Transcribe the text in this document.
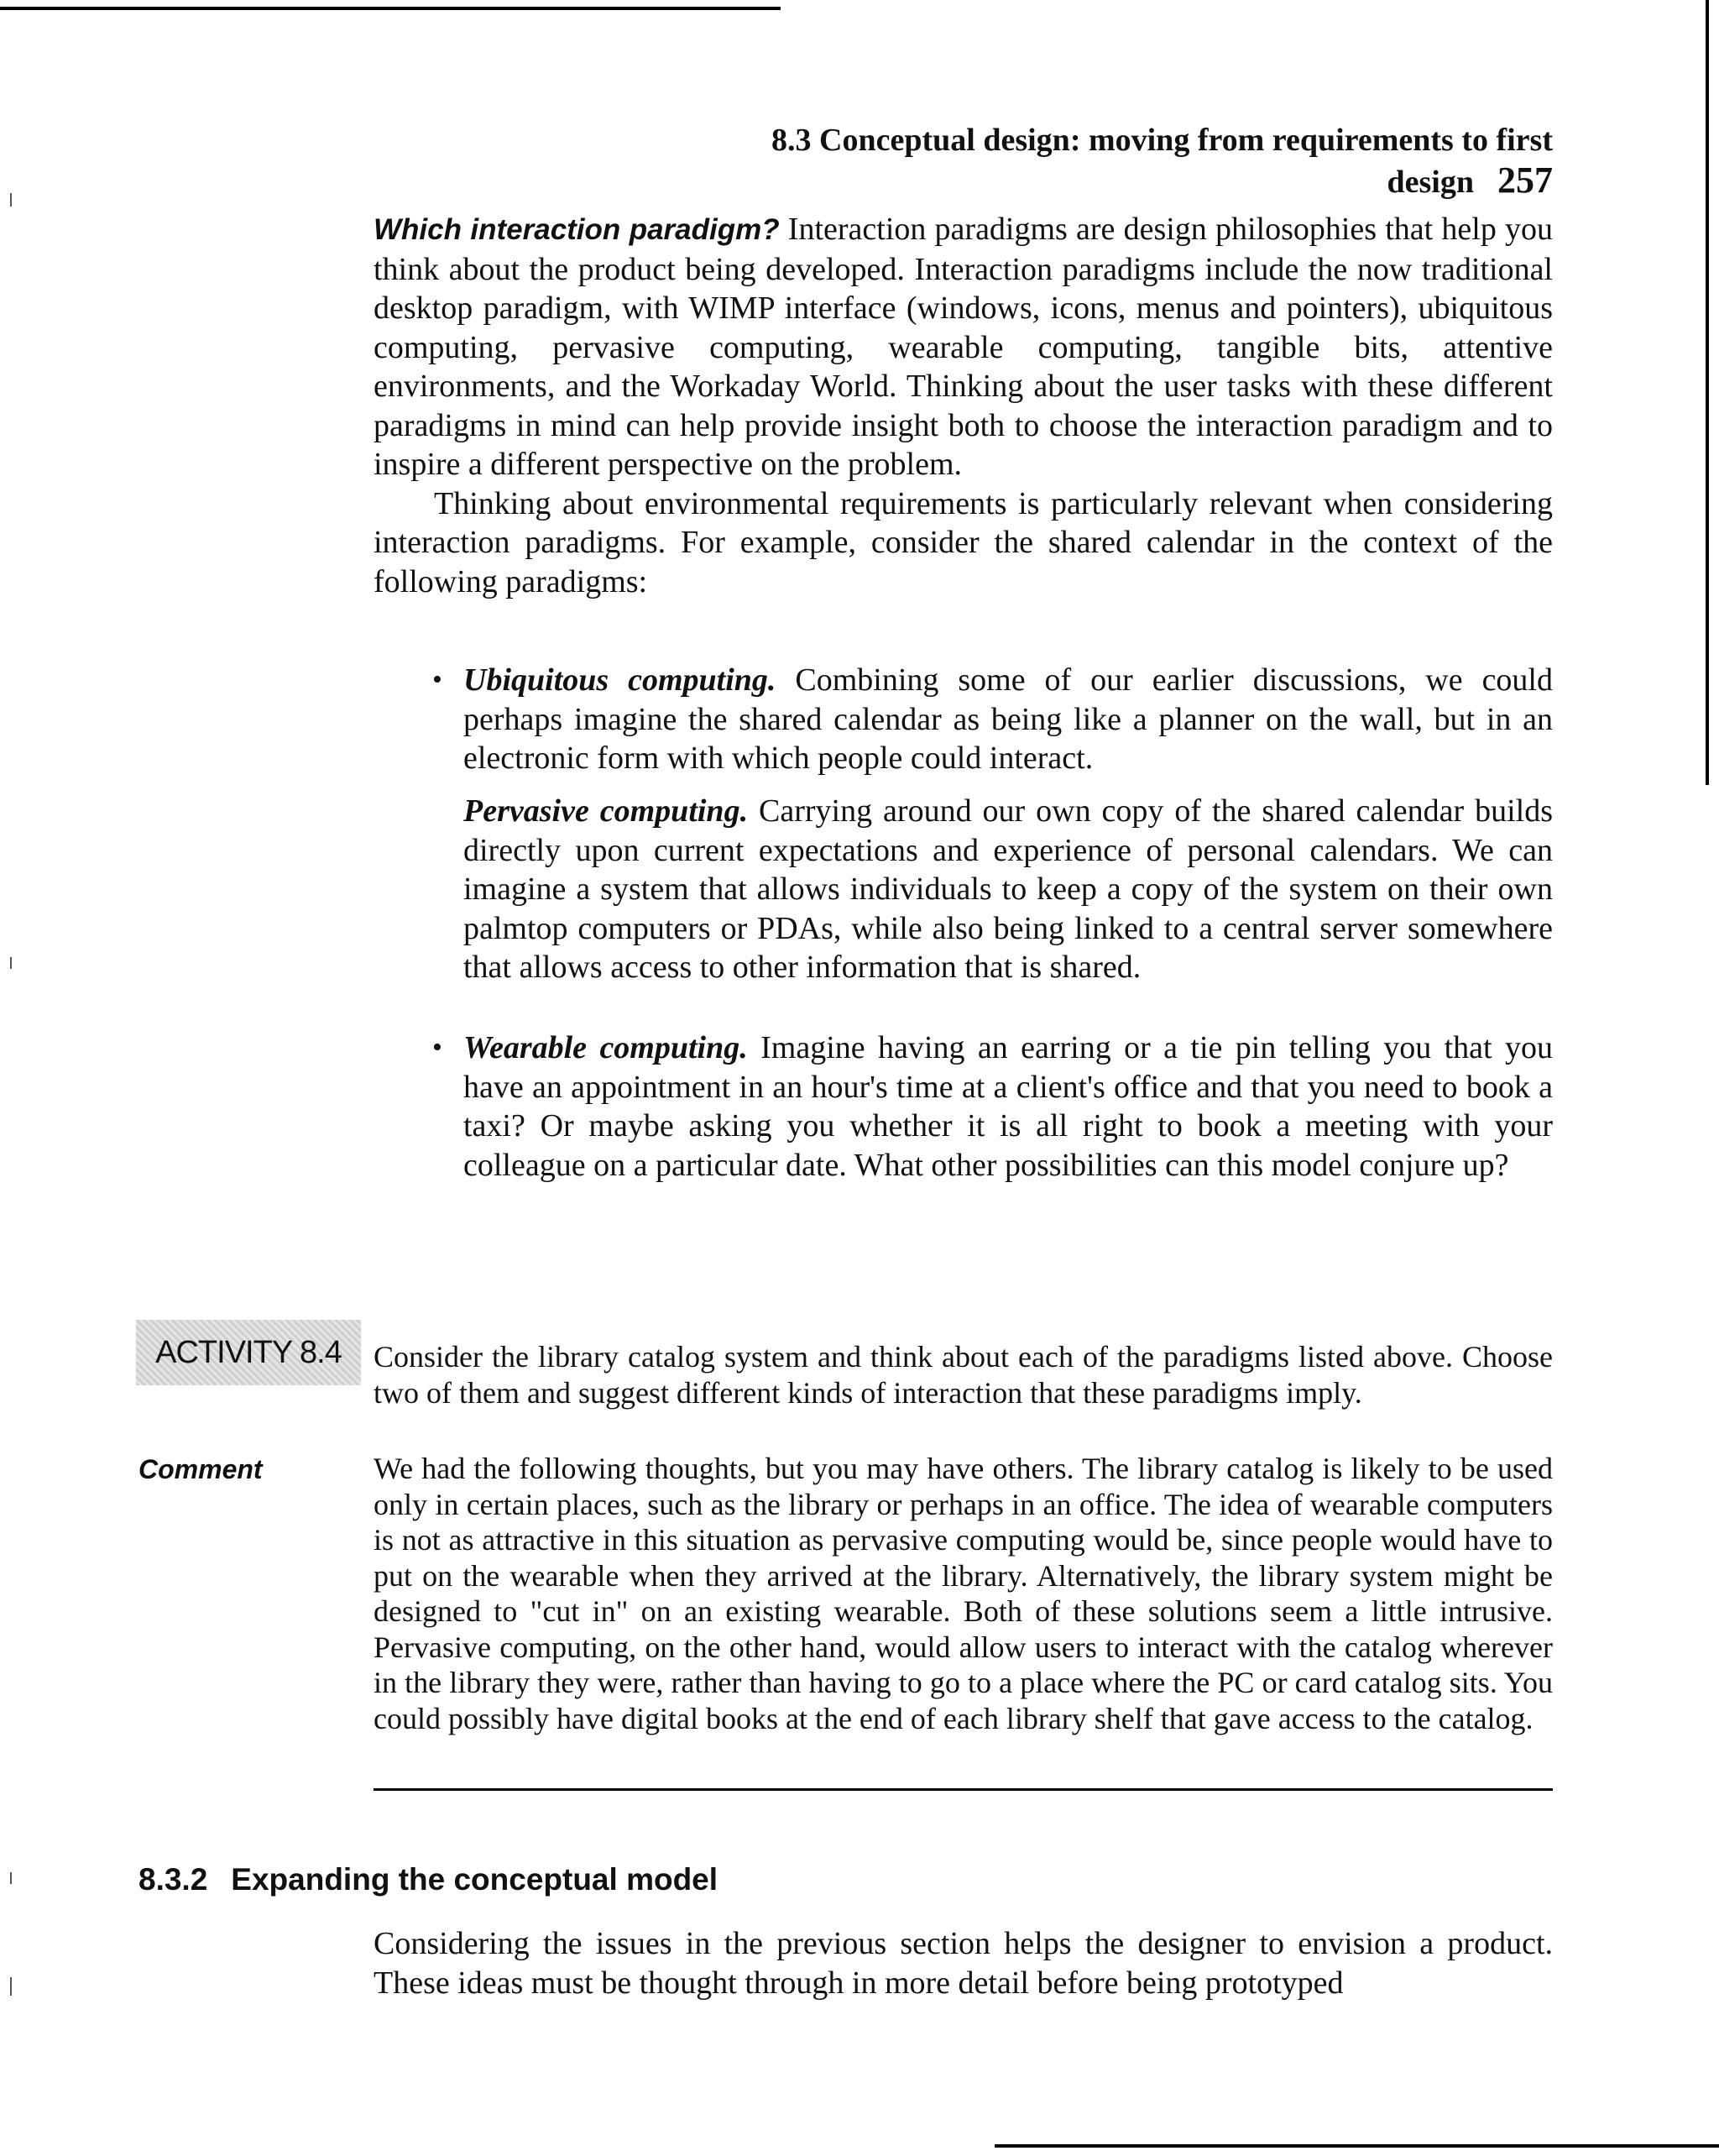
8.3 Conceptual design: moving from requirements to first design 257

Which interaction paradigm? Interaction paradigms are design philosophies that help you think about the product being developed. Interaction paradigms include the now traditional desktop paradigm, with WIMP interface (windows, icons, menus and pointers), ubiquitous computing, pervasive computing, wearable computing, tangible bits, attentive environments, and the Workaday World. Thinking about the user tasks with these different paradigms in mind can help provide insight both to choose the interaction paradigm and to inspire a different perspective on the problem.

Thinking about environmental requirements is particularly relevant when considering interaction paradigms. For example, consider the shared calendar in the context of the following paradigms:

• Ubiquitous computing. Combining some of our earlier discussions, we could perhaps imagine the shared calendar as being like a planner on the wall, but in an electronic form with which people could interact.
Pervasive computing. Carrying around our own copy of the shared calendar builds directly upon current expectations and experience of personal calendars. We can imagine a system that allows individuals to keep a copy of the system on their own palmtop computers or PDAs, while also being linked to a central server somewhere that allows access to other information that is shared.
• Wearable computing. Imagine having an earring or a tie pin telling you that you have an appointment in an hour's time at a client's office and that you need to book a taxi? Or maybe asking you whether it is all right to book a meeting with your colleague on a particular date. What other possibilities can this model conjure up?
ACTIVITY 8.4	Consider the library catalog system and think about each of the paradigms listed above. Choose two of them and suggest different kinds of interaction that these paradigms imply.
Comment	We had the following thoughts, but you may have others. The library catalog is likely to be used only in certain places, such as the library or perhaps in an office. The idea of wearable computers is not as attractive in this situation as pervasive computing would be, since people would have to put on the wearable when they arrived at the library. Alternatively, the library system might be designed to "cut in" on an existing wearable. Both of these solutions seem a little intrusive. Pervasive computing, on the other hand, would allow users to interact with the catalog wherever in the library they were, rather than having to go to a place where the PC or card catalog sits. You could possibly have digital books at the end of each library shelf that gave access to the catalog.
8.3.2 Expanding the conceptual model
Considering the issues in the previous section helps the designer to envision a product. These ideas must be thought through in more detail before being prototyped
